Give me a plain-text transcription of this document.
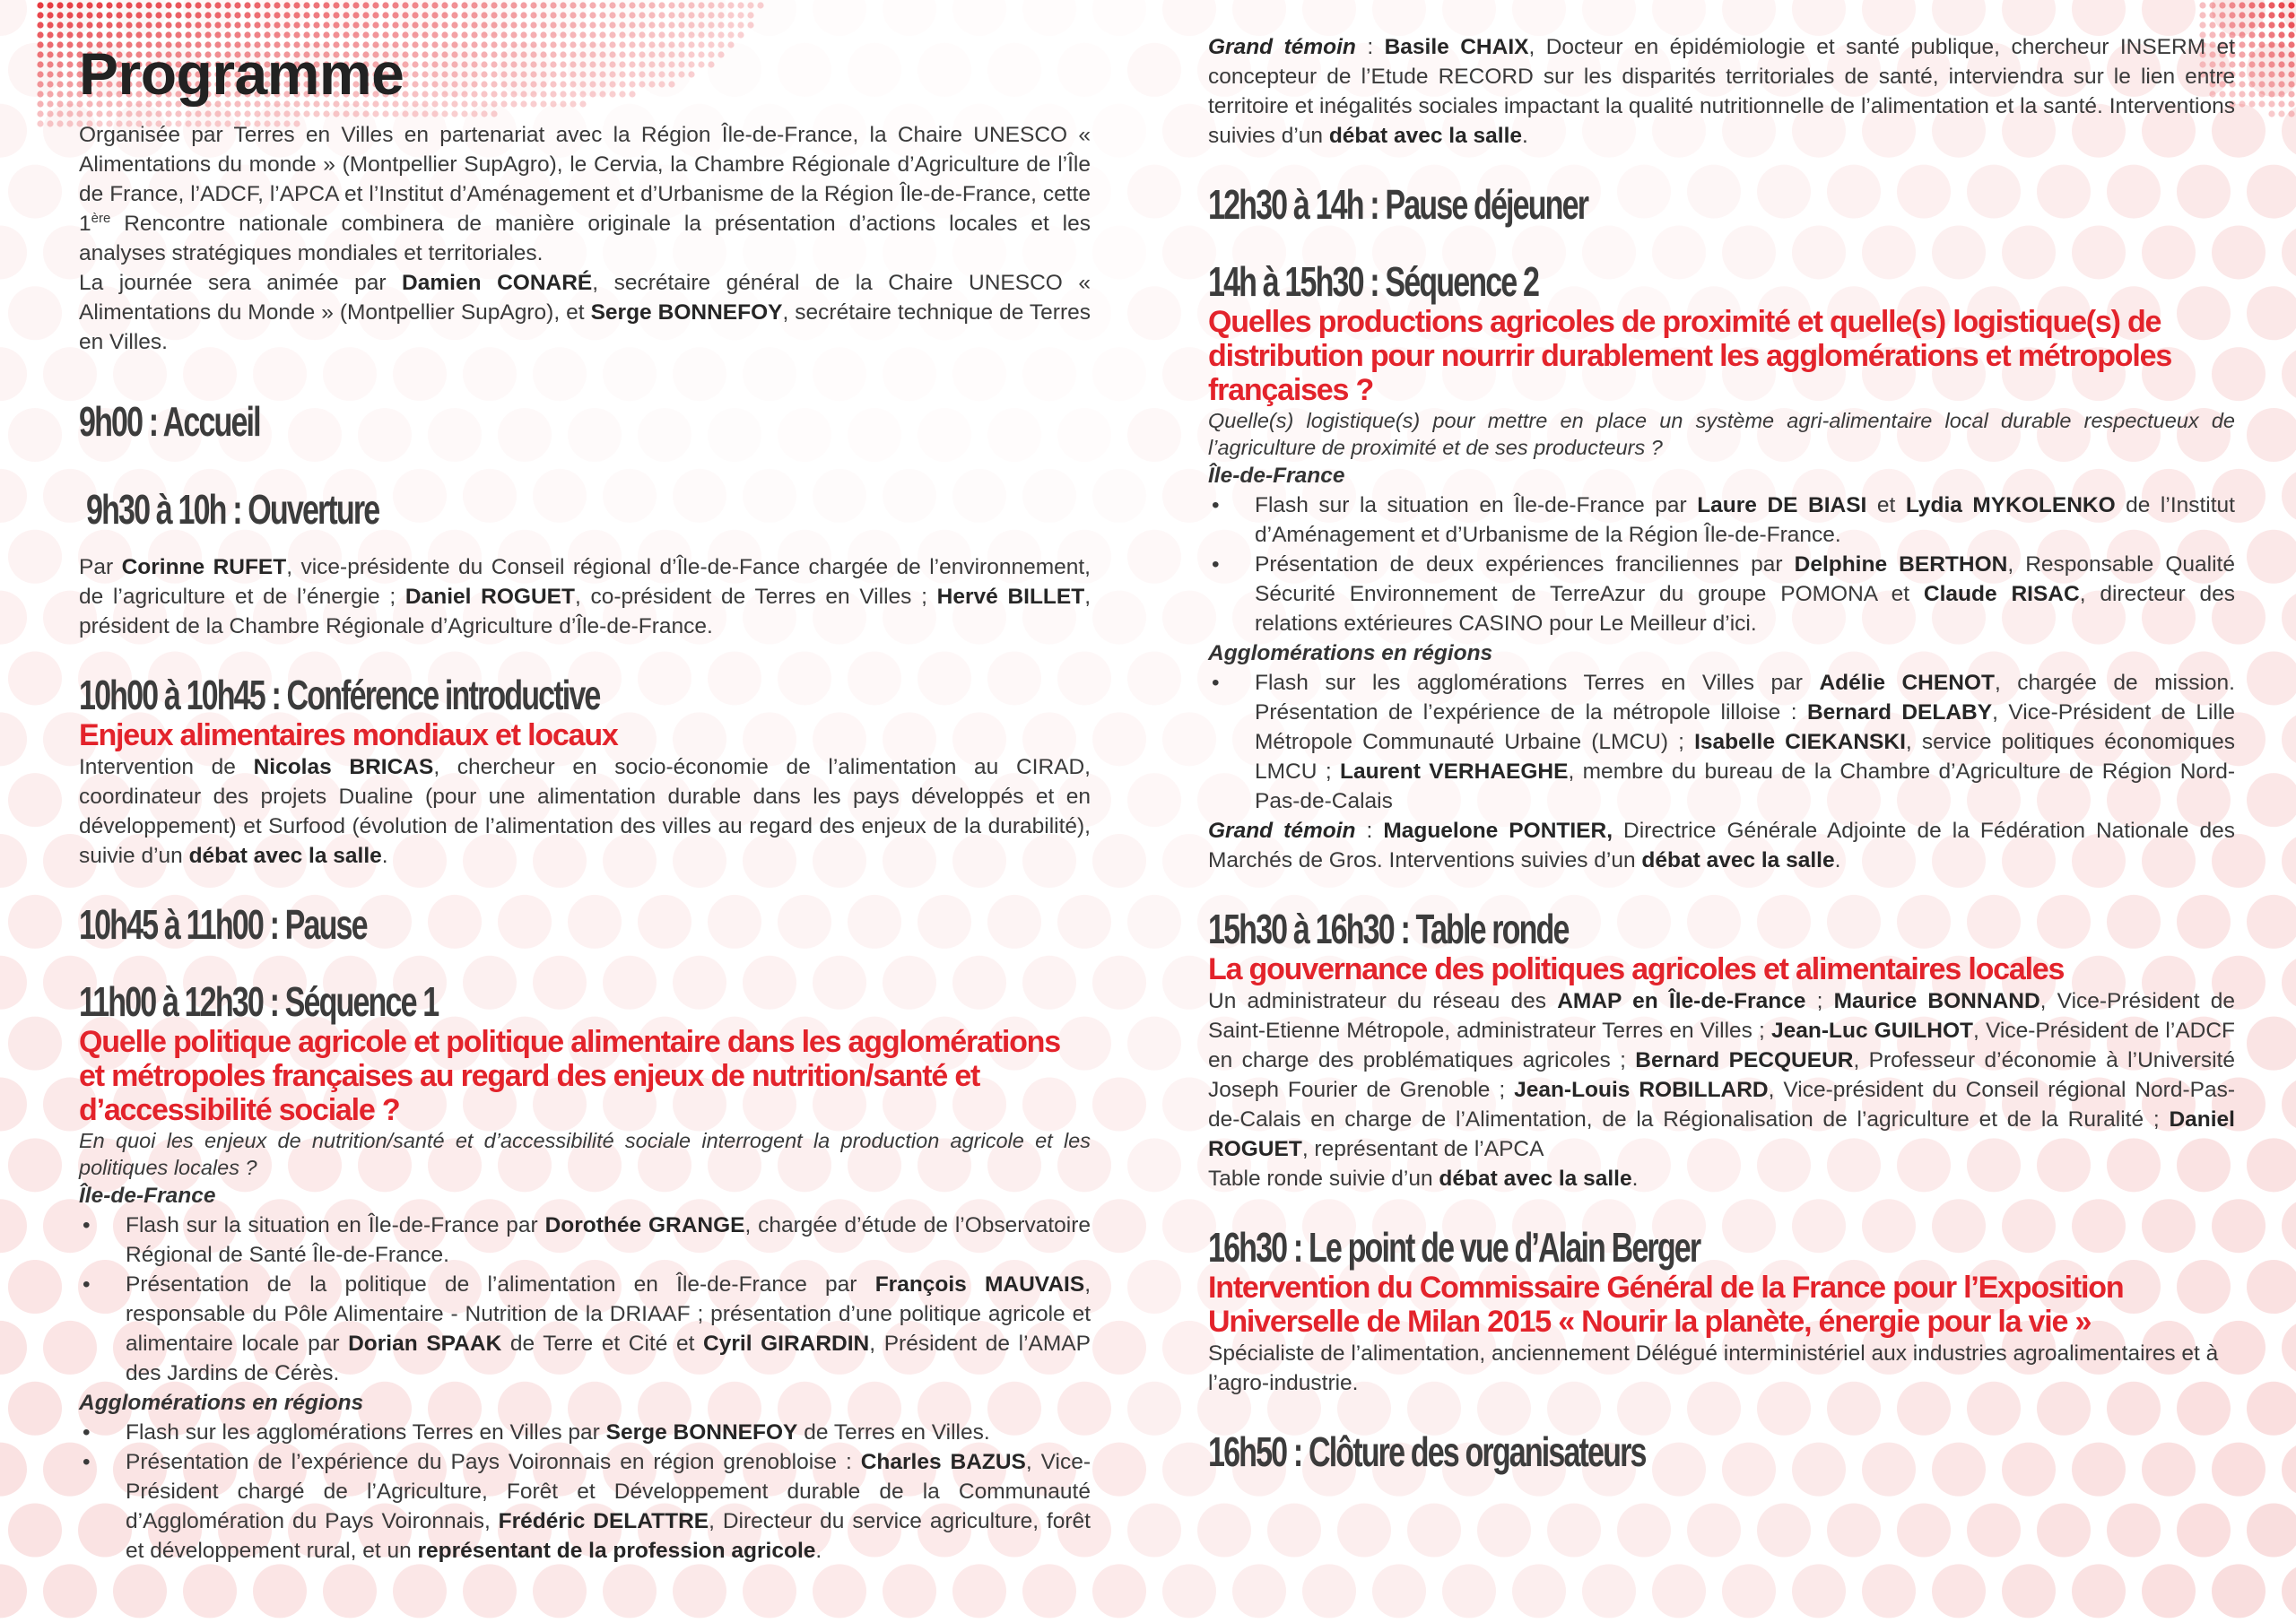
Programme

Organisée par Terres en Villes en partenariat avec la Région Île-de-France, la Chaire UNESCO « Alimentations du monde » (Montpellier SupAgro), le Cervia, la Chambre Régionale d’Agriculture de l’Île de France, l’ADCF, l’APCA et l’Institut d’Aménagement et d’Urbanisme de la Région Île-de-France, cette 1ère Rencontre nationale combinera de manière originale la présentation d’actions locales et les analyses stratégiques mondiales et territoriales.

La journée sera animée par Damien CONARÉ, secrétaire général de la Chaire UNESCO « Alimentations du Monde » (Montpellier SupAgro), et Serge BONNEFOY, secrétaire technique de Terres en Villes.

9h00 : Accueil
9h30 à 10h : Ouverture

Par Corinne RUFET, vice-présidente du Conseil régional d’Île-de-Fance chargée de l’environnement, de l’agriculture et de l’énergie ; Daniel ROGUET, co-président de Terres en Villes ; Hervé BILLET, président de la Chambre Régionale d’Agriculture d’Île-de-France.

10h00 à 10h45 : Conférence introductive
Enjeux alimentaires mondiaux et locaux

Intervention de Nicolas BRICAS, chercheur en socio-économie de l’alimentation au CIRAD, coordinateur des projets Dualine (pour une alimentation durable dans les pays développés et en développement) et Surfood (évolution de l’alimentation des villes au regard des enjeux de la durabilité), suivie d’un débat avec la salle.

10h45 à 11h00 : Pause
11h00 à 12h30 : Séquence 1
Quelle politique agricole et politique alimentaire dans les agglomérations et métropoles françaises au regard des enjeux de nutrition/santé et d’accessibilité sociale ?

En quoi les enjeux de nutrition/santé et d’accessibilité sociale interrogent la production agricole et les politiques locales ?

Île-de-France
• Flash sur la situation en Île-de-France par Dorothée GRANGE, chargée d’étude de l’Observatoire Régional de Santé Île-de-France.
• Présentation de la politique de l’alimentation en Île-de-France par François MAUVAIS, responsable du Pôle Alimentaire - Nutrition de la DRIAAF ; présentation d’une politique agricole et alimentaire locale par Dorian SPAAK de Terre et Cité et Cyril GIRARDIN, Président de l’AMAP des Jardins de Cérès.
Agglomérations en régions
• Flash sur les agglomérations Terres en Villes par Serge BONNEFOY de Terres en Villes.
• Présentation de l’expérience du Pays Voironnais en région grenobloise : Charles BAZUS, Vice-Président chargé de l’Agriculture, Forêt et Développement durable de la Communauté d’Agglomération du Pays Voironnais, Frédéric DELATTRE, Directeur du service agriculture, forêt et développement rural, et un représentant de la profession agricole.

Grand témoin : Basile CHAIX, Docteur en épidémiologie et santé publique, chercheur INSERM et concepteur de l’Etude RECORD sur les disparités territoriales de santé, interviendra sur le lien entre territoire et inégalités sociales impactant la qualité nutritionnelle de l’alimentation et la santé. Interventions suivies d’un débat avec la salle.

12h30 à 14h : Pause déjeuner
14h à 15h30 : Séquence 2
Quelles productions agricoles de proximité et quelle(s) logistique(s) de distribution pour nourrir durablement les agglomérations et métropoles françaises ?

Quelle(s) logistique(s) pour mettre en place un système agri-alimentaire local durable respectueux de l’agriculture de proximité et de ses producteurs ?

Île-de-France
• Flash sur la situation en Île-de-France par Laure DE BIASI et Lydia MYKOLENKO de l’Institut d’Aménagement et d’Urbanisme de la Région Île-de-France.
• Présentation de deux expériences franciliennes par Delphine BERTHON, Responsable Qualité Sécurité Environnement de TerreAzur du groupe POMONA et Claude RISAC, directeur des relations extérieures CASINO pour Le Meilleur d’ici.
Agglomérations en régions
• Flash sur les agglomérations Terres en Villes par Adélie CHENOT, chargée de mission. Présentation de l’expérience de la métropole lilloise : Bernard DELABY, Vice-Président de Lille Métropole Communauté Urbaine (LMCU) ; Isabelle CIEKANSKI, service politiques économiques LMCU ; Laurent VERHAEGHE, membre du bureau de la Chambre d’Agriculture de Région Nord-Pas-de-Calais

Grand témoin : Maguelone PONTIER, Directrice Générale Adjointe de la Fédération Nationale des Marchés de Gros. Interventions suivies d’un débat avec la salle.

15h30 à 16h30 : Table ronde
La gouvernance des politiques agricoles et alimentaires locales

Un administrateur du réseau des AMAP en Île-de-France ; Maurice BONNAND, Vice-Président de Saint-Etienne Métropole, administrateur Terres en Villes ; Jean-Luc GUILHOT, Vice-Président de l’ADCF en charge des problématiques agricoles ; Bernard PECQUEUR, Professeur d’économie à l’Université Joseph Fourier de Grenoble ; Jean-Louis ROBILLARD, Vice-président du Conseil régional Nord-Pas-de-Calais en charge de l’Alimentation, de la Régionalisation de l’agriculture et de la Ruralité ; Daniel ROGUET, représentant de l’APCA

Table ronde suivie d’un débat avec la salle.

16h30 : Le point de vue d’Alain Berger
Intervention du Commissaire Général de la France pour l’Exposition Universelle de Milan 2015 « Nourir la planète, énergie pour la vie »

Spécialiste de l’alimentation, anciennement Délégué interministériel aux industries agroalimentaires et à l’agro-industrie.

16h50 : Clôture des organisateurs
